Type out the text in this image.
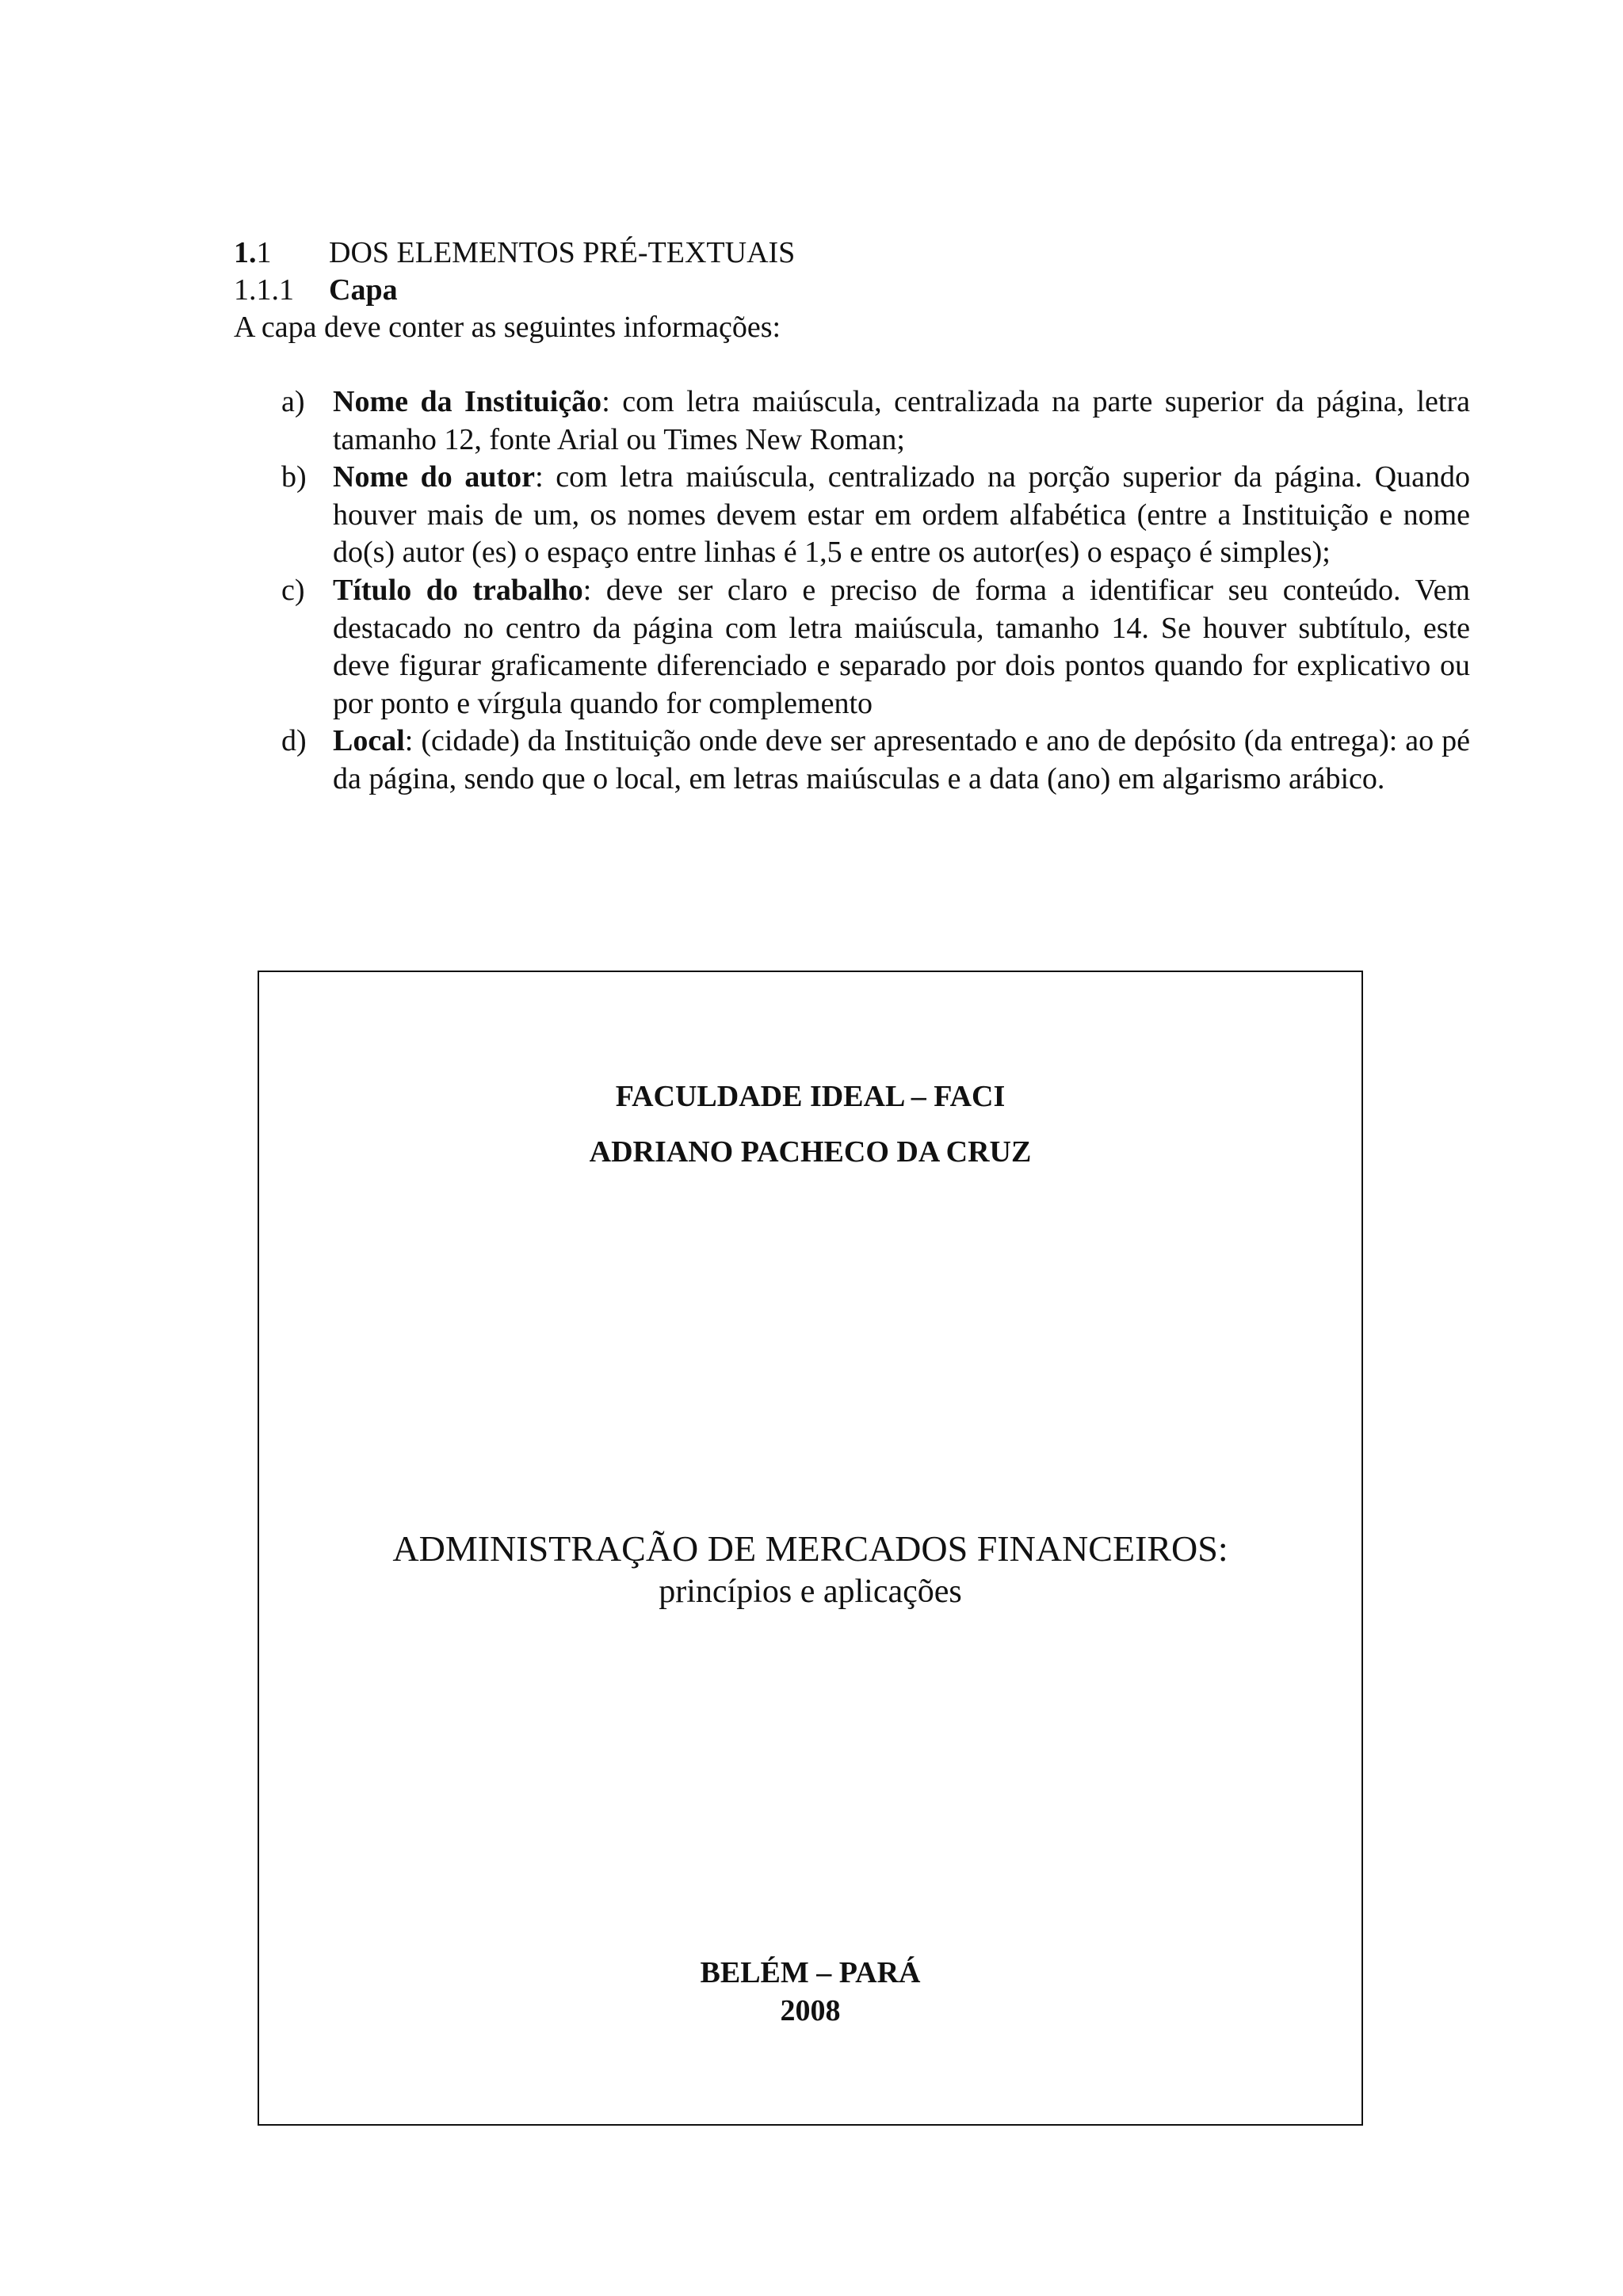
1.1 DOS ELEMENTOS PRÉ-TEXTUAIS
1.1.1 Capa
A capa deve conter as seguintes informações:
a) Nome da Instituição: com letra maiúscula, centralizada na parte superior da página, letra tamanho 12, fonte Arial ou Times New Roman;
b) Nome do autor: com letra maiúscula, centralizado na porção superior da página. Quando houver mais de um, os nomes devem estar em ordem alfabética (entre a Instituição e nome do(s) autor (es) o espaço entre linhas é 1,5 e entre os autor(es) o espaço é simples);
c) Título do trabalho: deve ser claro e preciso de forma a identificar seu conteúdo. Vem destacado no centro da página com letra maiúscula, tamanho 14. Se houver subtítulo, este deve figurar graficamente diferenciado e separado por dois pontos quando for explicativo ou por ponto e vírgula quando for complemento
d) Local: (cidade) da Instituição onde deve ser apresentado e ano de depósito (da entrega): ao pé da página, sendo que o local, em letras maiúsculas e a data (ano) em algarismo arábico.
FACULDADE IDEAL – FACI
ADRIANO PACHECO DA CRUZ
ADMINISTRAÇÃO DE MERCADOS FINANCEIROS:
princípios e aplicações
BELÉM – PARÁ
2008
